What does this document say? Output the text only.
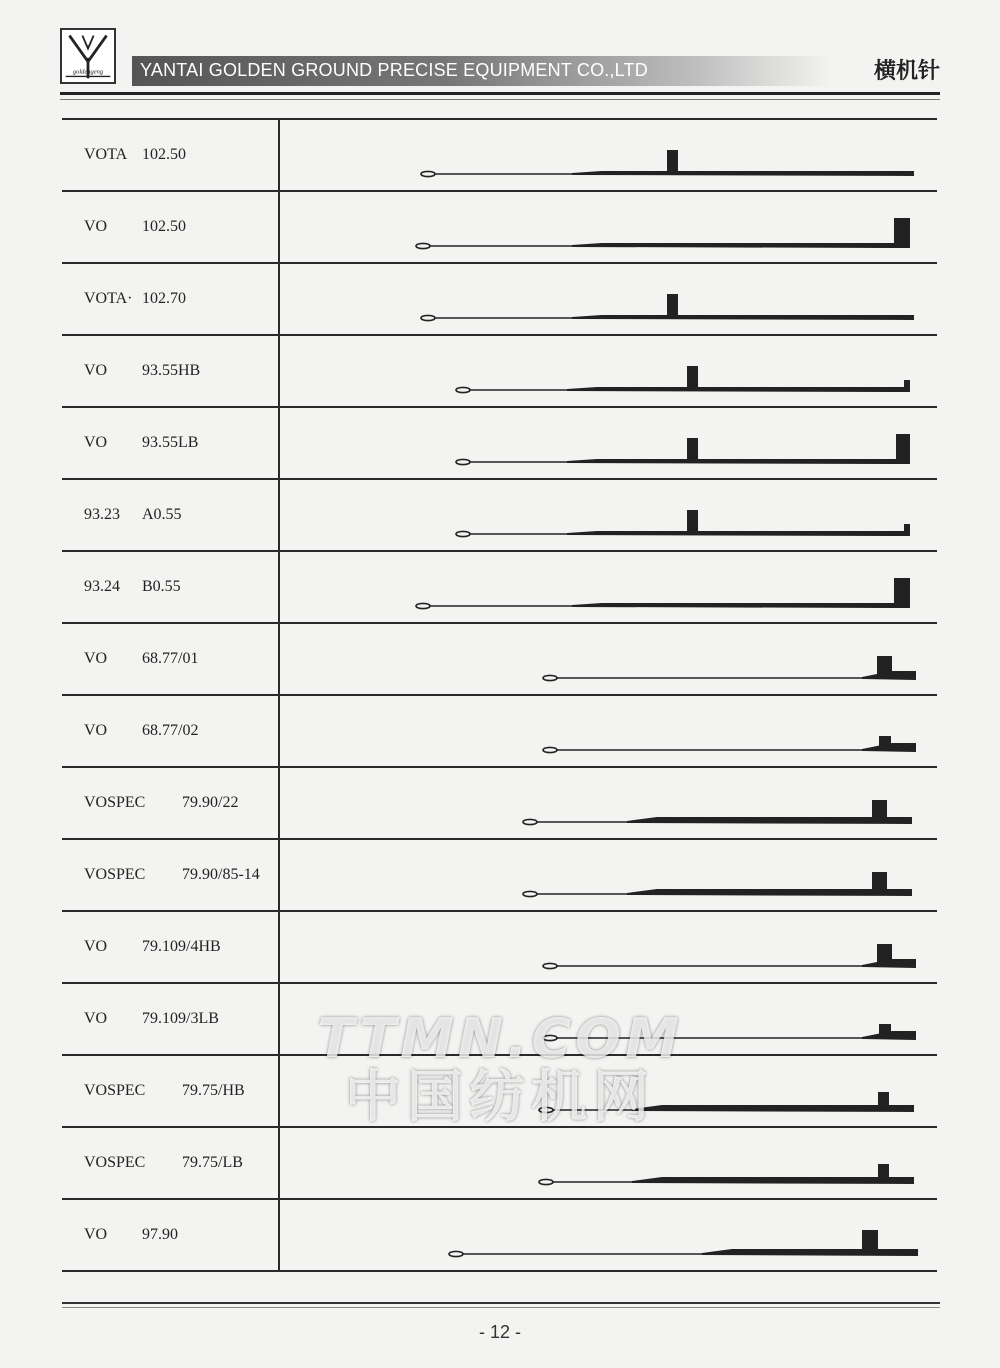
goldengeng YANTAI GOLDEN GROUND PRECISE EQUIPMENT CO.,LTD	横机针
VOTA 102.50
VO 102.50
VOTA· 102.70
VO 93.55HB
VO 93.55LB
93.23 A0.55
93.24 B0.55
VO 68.77/01
VO 68.77/02
VOSPEC 79.90/22
VOSPEC 79.90/85-14
VO 79.109/4HB
VO 79.109/3LB
VOSPEC 79.75/HB
VOSPEC 79.75/LB
VO 97.90
- 12 -
TTMN.COM
中国纺机网
